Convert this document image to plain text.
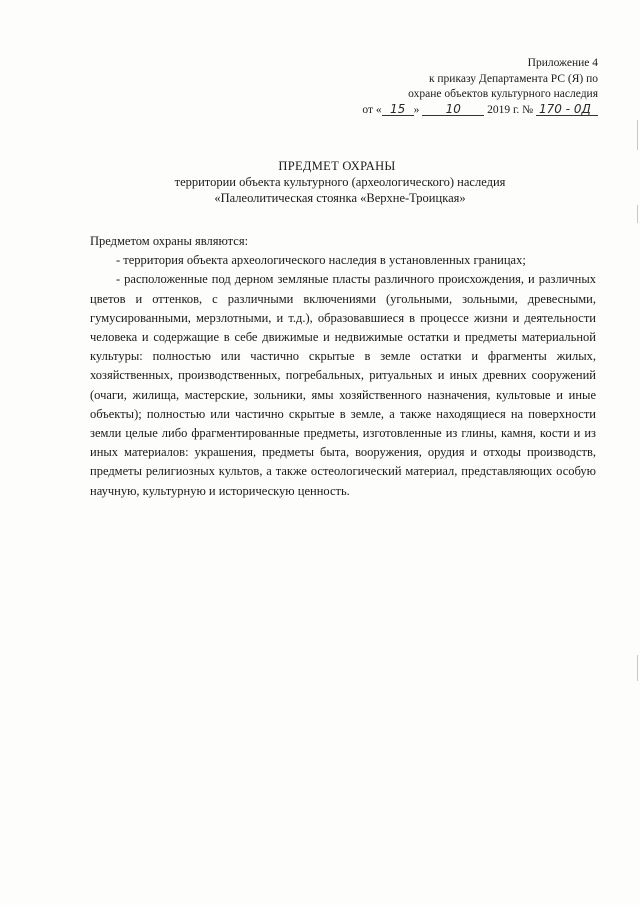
Приложение 4
к приказу Департамента РС (Я) по
охране объектов культурного наследия
от « 15 » 10 2019 г. № 170 - 0Д
ПРЕДМЕТ ОХРАНЫ
территории объекта культурного (археологического) наследия
«Палеолитическая стоянка «Верхне-Троицкая»

Предметом охраны являются:

- территория объекта археологического наследия в установленных границах;

- расположенные под дерном земляные пласты различного происхождения, и различных цветов и оттенков, с различными включениями (угольными, зольными, древесными, гумусированными, мерзлотными, и т.д.), образовавшиеся в процессе жизни и деятельности человека и содержащие в себе движимые и недвижимые остатки и предметы материальной культуры: полностью или частично скрытые в земле остатки и фрагменты жилых, хозяйственных, производственных, погребальных, ритуальных и иных древних сооружений (очаги, жилища, мастерские, зольники, ямы хозяйственного назначения, культовые и иные объекты); полностью или частично скрытые в земле, а также находящиеся на поверхности земли целые либо фрагментированные предметы, изготовленные из глины, камня, кости и из иных материалов: украшения, предметы быта, вооружения, орудия и отходы производств, предметы религиозных культов, а также остеологический материал, представляющих особую научную, культурную и историческую ценность.
